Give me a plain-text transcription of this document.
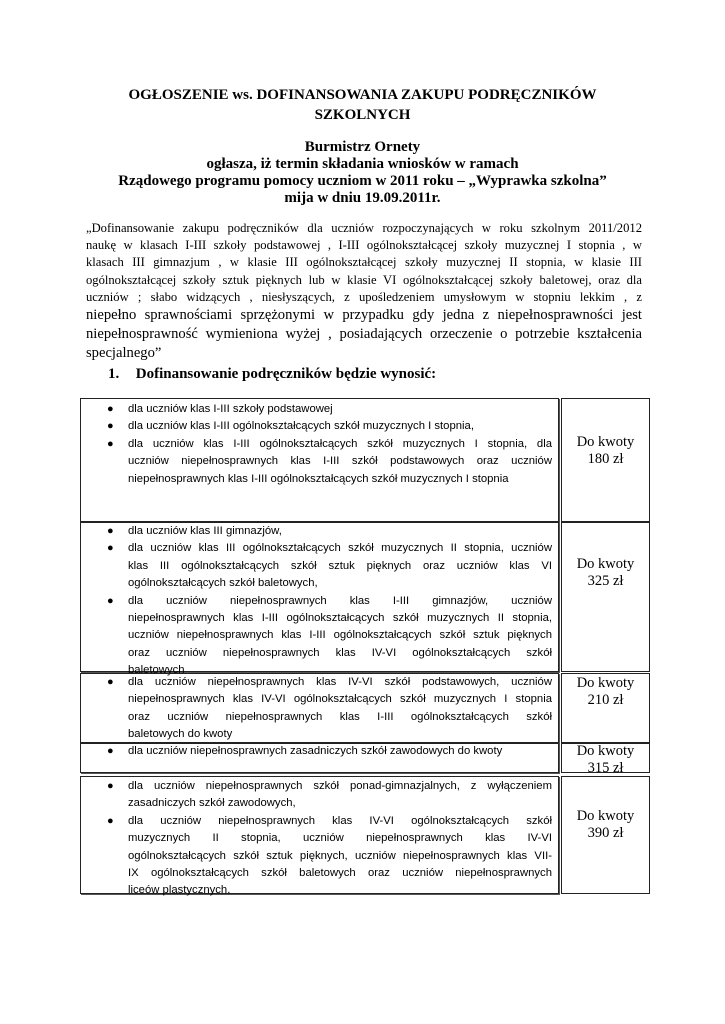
OGŁOSZENIE ws. DOFINANSOWANIA ZAKUPU PODRĘCZNIKÓW
SZKOLNYCH
Burmistrz Ornety
ogłasza, iż termin składania wniosków w ramach
Rządowego programu pomocy uczniom w 2011 roku – „Wyprawka szkolna”
mija w dniu 19.09.2011r.
„Dofinansowanie zakupu podręczników dla uczniów rozpoczynających w roku szkolnym 2011/2012
naukę w klasach I-III szkoły podstawowej , I-III ogólnokształcącej szkoły muzycznej I stopnia , w
klasach III gimnazjum , w klasie III ogólnokształcącej szkoły muzycznej II stopnia, w klasie III
ogólnokształcącej szkoły sztuk pięknych lub w klasie VI ogólnokształcącej szkoły baletowej, oraz dla
uczniów ; słabo widzących , niesłyszących, z upośledzeniem umysłowym w stopniu lekkim , z
niepełno sprawnościami sprzężonymi w przypadku gdy jedna z niepełnosprawności jest
niepełnosprawność wymieniona wyżej , posiadających orzeczenie o potrzebie kształcenia
specjalnego”
1. Dofinansowanie podręczników będzie wynosić:
● dla uczniów klas I-III szkoły podstawowej
● dla uczniów klas I-III ogólnokształcących szkół muzycznych I stopnia,
● dla uczniów klas I-III ogólnokształcących szkół muzycznych I stopnia, dla
uczniów niepełnosprawnych klas I-III szkół podstawowych oraz uczniów
niepełnosprawnych klas I-III ogólnokształcących szkół muzycznych I stopnia
Do kwoty
180 zł
● dla uczniów klas III gimnazjów,
● dla uczniów klas III ogólnokształcących szkół muzycznych II stopnia, uczniów
klas III ogólnokształcących szkół sztuk pięknych oraz uczniów klas VI
ogólnokształcących szkół baletowych,
● dla uczniów niepełnosprawnych klas I-III gimnazjów, uczniów
niepełnosprawnych klas I-III ogólnokształcących szkół muzycznych II stopnia,
uczniów niepełnosprawnych klas I-III ogólnokształcących szkół sztuk pięknych
oraz uczniów niepełnosprawnych klas IV-VI ogólnokształcących szkół
baletowych
Do kwoty
325 zł
● dla uczniów niepełnosprawnych klas IV-VI szkół podstawowych, uczniów
niepełnosprawnych klas IV-VI ogólnokształcących szkół muzycznych I stopnia
oraz uczniów niepełnosprawnych klas I-III ogólnokształcących szkół
baletowych do kwoty
Do kwoty
210 zł
● dla uczniów niepełnosprawnych zasadniczych szkół zawodowych do kwoty	Do kwoty
315 zł
● dla uczniów niepełnosprawnych szkół ponad-gimnazjalnych, z wyłączeniem
zasadniczych szkół zawodowych,
● dla uczniów niepełnosprawnych klas IV-VI ogólnokształcących szkół
muzycznych II stopnia, uczniów niepełnosprawnych klas IV-VI
ogólnokształcących szkół sztuk pięknych, uczniów niepełnosprawnych klas VII-
IX ogólnokształcących szkół baletowych oraz uczniów niepełnosprawnych
liceów plastycznych.
Do kwoty
390 zł
